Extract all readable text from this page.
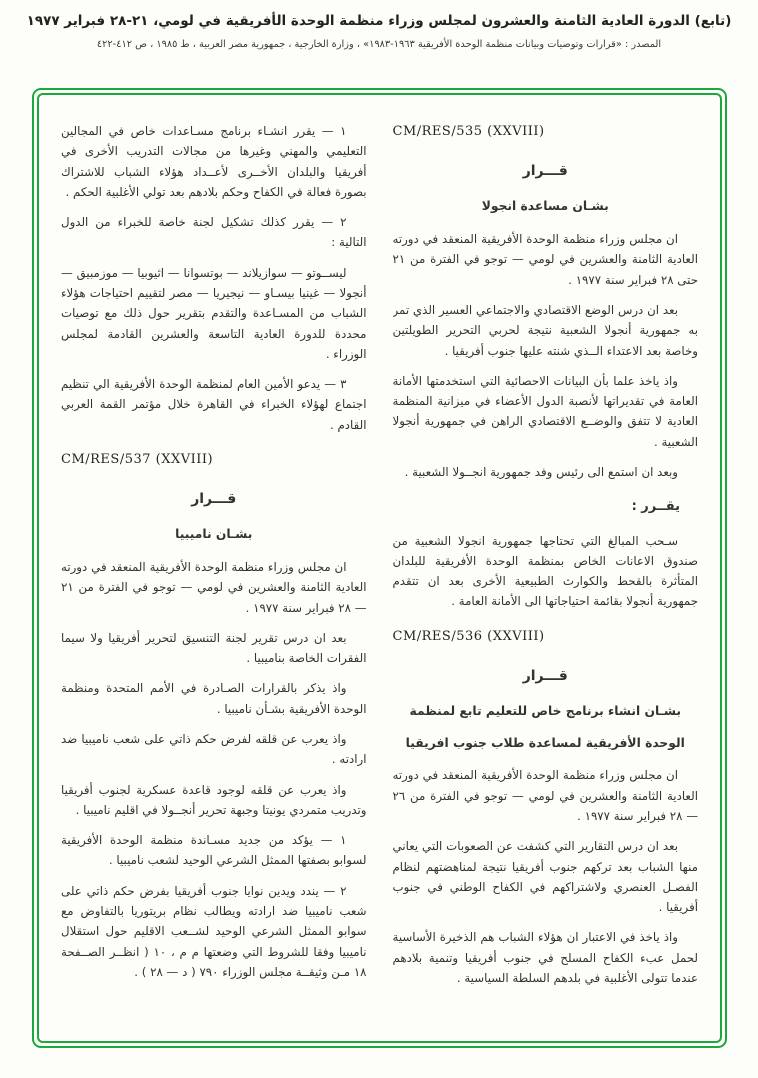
(تابع) الدورة العادية الثامنة والعشرون لمجلس وزراء منظمة الوحدة الأفريقية في لومي، ٢١-٢٨ فبراير ١٩٧٧
المصدر : «قرارات وتوصيات وبيانات منظمة الوحدة الأفريقية ١٩٦٣-١٩٨٣» ، وزارة الخارجية ، جمهورية مصر العربية ، ط ١٩٨٥ ، ص ٤١٢-٤٢٢
CM/RES/535 (XXVIII)
قـــرار
بشـان مساعدة انجولا
ان مجلس وزراء منظمة الوحدة الأفريقية المنعقد في دورته العادية الثامنة والعشرين في لومي — توجو في الفترة من ٢١ حتى ٢٨ فبراير سنة ١٩٧٧ .
بعد ان درس الوضع الاقتصادي والاجتماعي العسير الذي تمر به جمهورية أنجولا الشعبية نتيجة لحربي التحرير الطويلتين وخاصة بعد الاعتداء الــذي شنته عليها جنوب أفريقيا .
واذ ياخذ علما بأن البيانات الاحصائية التي استخدمتها الأمانة العامة في تقديراتها لأنصبة الدول الأعضاء في ميزانية المنظمة العادية لا تتفق والوضــع الاقتصادي الراهن في جمهورية أنجولا الشعبية .
وبعد ان استمع الى رئيس وفد جمهورية انجــولا الشعبية .
يقــرر :
سـحب المبالغ التي تحتاجها جمهورية انجولا الشعبية من صندوق الاعانات الخاص بمنظمة الوحدة الأفريقية للبلدان المتأثرة بالقحط والكوارث الطبيعية الأخرى بعد ان تتقدم جمهورية أنجولا بقائمة احتياجاتها الى الأمانة العامة .
CM/RES/536 (XXVIII)
قـــرار
بشـان انشاء برنامج خاص للتعليم تابع لمنظمة
الوحدة الأفريقية لمساعدة طلاب جنوب افريقيا
ان مجلس وزراء منظمة الوحدة الأفريقية المنعقد في دورته العادية الثامنة والعشرين في لومي — توجو في الفترة من ٢٦ — ٢٨ فبراير سنة ١٩٧٧ .
بعد ان درس التقارير التي كشفت عن الصعوبات التي يعاني منها الشباب بعد تركهم جنوب أفريقيا نتيجة لمناهضتهم لنظام الفصـل العنصري ولاشتراكهم في الكفاح الوطني في جنوب أفريقيا .
واذ ياخذ في الاعتبار ان هؤلاء الشباب هم الذخيرة الأساسية لحمل عبء الكفاح المسلح في جنوب أفريقيا وتنمية بلادهم عندما تتولى الأغلبية في بلدهم السلطة السياسية .
١ — يقرر انشـاء برنامج مسـاعدات خاص في المجالين التعليمي والمهني وغيرها من مجالات التدريب الأخرى في أفريقيا والبلدان الأخــرى لأعــداد هؤلاء الشباب للاشتراك بصورة فعالة في الكفاح وحكم بلادهم بعد تولي الأغلبية الحكم .
٢ — يقرر كذلك تشكيل لجنة خاصة للخبراء من الدول التالية :
ليســوتو — سوازيلاند — بوتسوانا — اثيوبيا — موزمبيق — أنجولا — غينيا بيسـاو — نيجيريا — مصر لتقييم احتياجات هؤلاء الشباب من المسـاعدة والتقدم بتقرير حول ذلك مع توصيات محددة للدورة العادية التاسعة والعشرين القادمة لمجلس الوزراء .
٣ — يدعو الأمين العام لمنظمة الوحدة الأفريقية الي تنظيم اجتماع لهؤلاء الخبراء في القاهرة خلال مؤتمر القمة العربي القادم .
CM/RES/537 (XXVIII)
قـــرار
بشـان ناميبيا
ان مجلس وزراء منظمة الوحدة الأفريقية المنعقد في دورته العادية الثامنة والعشرين في لومي — توجو في الفترة من ٢١ — ٢٨ فبراير سنة ١٩٧٧ .
بعد ان درس تقرير لجنة التنسيق لتحرير أفريقيا ولا سيما الفقرات الخاصة بناميبيا .
واذ يذكر بالقرارات الصـادرة في الأمم المتحدة ومنظمة الوحدة الأفريقية بشـأن ناميبيا .
واذ يعرب عن قلقه لفرض حكم ذاتي على شعب ناميبيا ضد ارادته .
واذ يعرب عن قلقه لوجود قاعدة عسكرية لجنوب أفريقيا وتدريب متمردي يونيتا وجبهة تحرير أنجــولا في اقليم ناميبيا .
١ — يؤكد من جديد مسـاندة منظمة الوحدة الأفريقية لسوابو بصفتها الممثل الشرعي الوحيد لشعب ناميبيا .
٢ — يندد ويدين نوايا جنوب أفريقيا بفرض حكم ذاتي على شعب ناميبيا ضد ارادته ويطالب نظام بريتوريا بالتفاوض مع سوابو الممثل الشرعي الوحيد لشــعب الاقليم حول استقلال ناميبيا وفقا للشروط التي وضعتها م م ، ١٠ ( انظــر الصــفحة ١٨ مـن وثيقــة مجلس الوزراء ٧٩٠ ( د — ٢٨ ) .
